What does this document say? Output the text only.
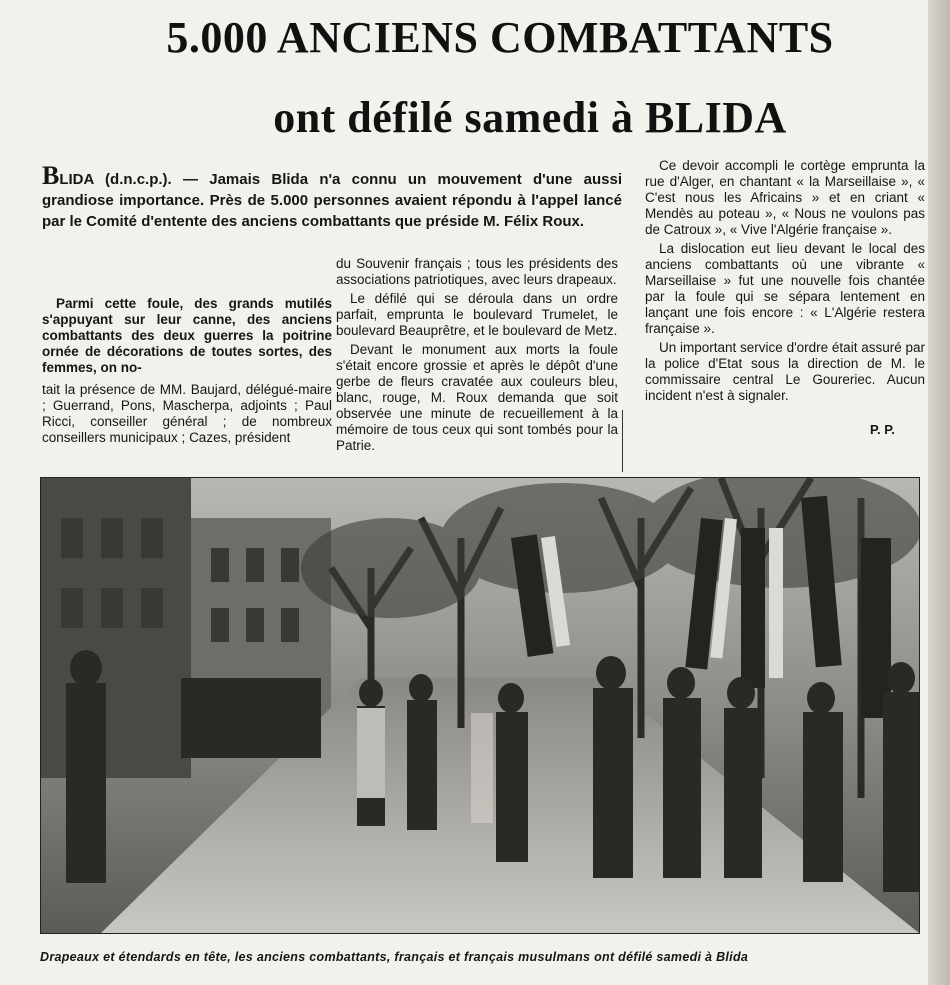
5.000 ANCIENS COMBATTANTS
ont défilé samedi à BLIDA
BLIDA (d.n.c.p.). — Jamais Blida n'a connu un mouvement d'une aussi grandiose importance. Près de 5.000 personnes avaient répondu à l'appel lancé par le Comité d'entente des anciens combattants que préside M. Félix Roux.

Parmi cette foule, des grands mutilés s'appuyant sur leur canne, des anciens combattants des deux guerres la poitrine ornée de décorations de toutes sortes, des femmes, on no-

tait la présence de MM. Baujard, délégué-maire ; Guerrand, Pons, Mascherpa, adjoints ; Paul Ricci, conseiller général ; de nombreux conseillers municipaux ; Cazes, président

du Souvenir français ; tous les présidents des associations patriotiques, avec leurs drapeaux.

Le défilé qui se déroula dans un ordre parfait, emprunta le boulevard Trumelet, le boulevard Beauprêtre, et le boulevard de Metz.

Devant le monument aux morts la foule s'était encore grossie et après le dépôt d'une gerbe de fleurs cravatée aux couleurs bleu, blanc, rouge, M. Roux demanda que soit observée une minute de recueillement à la mémoire de tous ceux qui sont tombés pour la Patrie.

Ce devoir accompli le cortège emprunta la rue d'Alger, en chantant « la Marseillaise », « C'est nous les Africains » et en criant « Mendès au poteau », « Nous ne voulons pas de Catroux », « Vive l'Algérie française ».

La dislocation eut lieu devant le local des anciens combattants où une vibrante « Marseillaise » fut une nouvelle fois chantée par la foule qui se sépara lentement en lançant une fois encore : « L'Algérie restera française ».

Un important service d'ordre était assuré par la police d'Etat sous la direction de M. le commissaire central Le Goureriec. Aucun incident n'est à signaler.

P. P.
Drapeaux et étendards en tête, les anciens combattants, français et français musulmans ont défilé samedi à Blida
